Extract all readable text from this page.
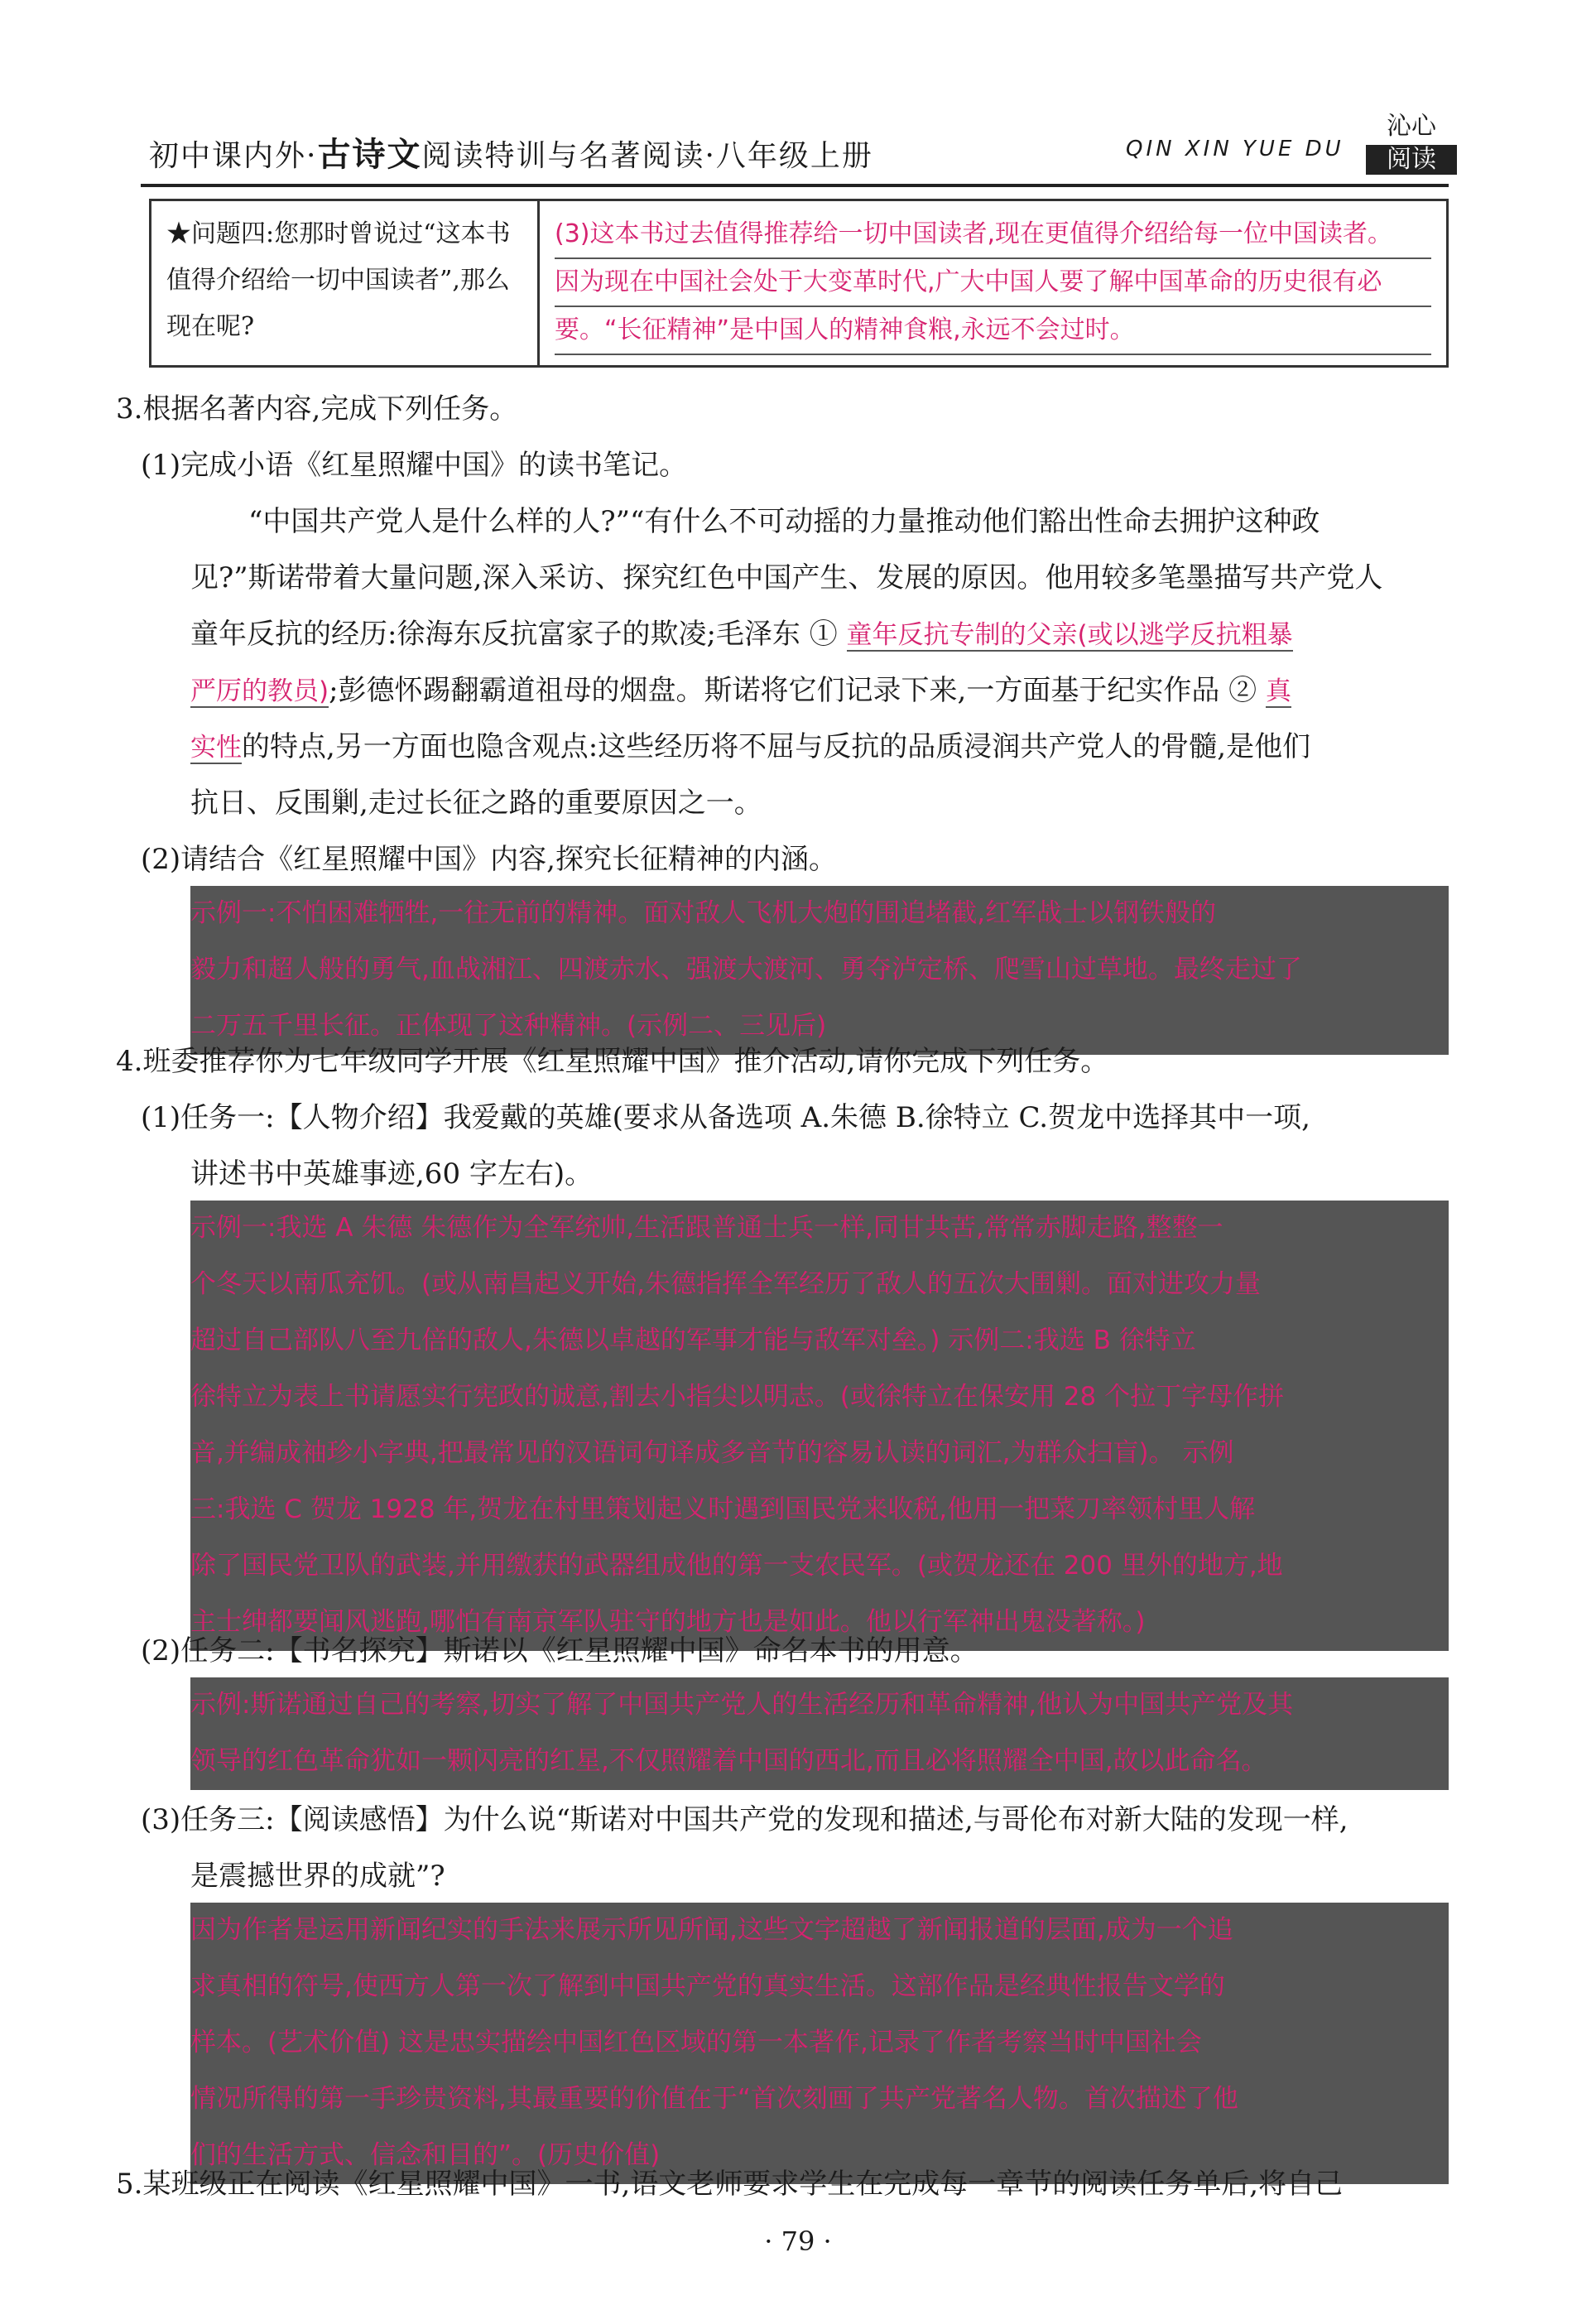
初中课内外·古诗文阅读特训与名著阅读·八年级上册	QIN XIN YUE DU
沁心
阅读
★问题四:您那时曾说过“这本书值得介绍给一切中国读者”,那么现在呢?	
(3)这本书过去值得推荐给一切中国读者,现在更值得介绍给每一位中国读者。
因为现在中国社会处于大变革时代,广大中国人要了解中国革命的历史很有必
要。“长征精神”是中国人的精神食粮,永远不会过时。
3.根据名著内容,完成下列任务。
(1)完成小语《红星照耀中国》的读书笔记。
“中国共产党人是什么样的人?”“有什么不可动摇的力量推动他们豁出性命去拥护这种政
见?”斯诺带着大量问题,深入采访、探究红色中国产生、发展的原因。他用较多笔墨描写共产党人
童年反抗的经历:徐海东反抗富家子的欺凌;毛泽东 ① 童年反抗专制的父亲(或以逃学反抗粗暴
严厉的教员);彭德怀踢翻霸道祖母的烟盘。斯诺将它们记录下来,一方面基于纪实作品 ② 真
实性的特点,另一方面也隐含观点:这些经历将不屈与反抗的品质浸润共产党人的骨髓,是他们
抗日、反围剿,走过长征之路的重要原因之一。
(2)请结合《红星照耀中国》内容,探究长征精神的内涵。
示例一:不怕困难牺牲,一往无前的精神。面对敌人飞机大炮的围追堵截,红军战士以钢铁般的
毅力和超人般的勇气,血战湘江、四渡赤水、强渡大渡河、勇夺泸定桥、爬雪山过草地。最终走过了
二万五千里长征。正体现了这种精神。(示例二、三见后)
4.班委推荐你为七年级同学开展《红星照耀中国》推介活动,请你完成下列任务。
(1)任务一:【人物介绍】我爱戴的英雄(要求从备选项 A.朱德 B.徐特立 C.贺龙中选择其中一项,
讲述书中英雄事迹,60 字左右)。
示例一:我选 A 朱德 朱德作为全军统帅,生活跟普通士兵一样,同甘共苦,常常赤脚走路,整整一
个冬天以南瓜充饥。(或从南昌起义开始,朱德指挥全军经历了敌人的五次大围剿。面对进攻力量
超过自己部队八至九倍的敌人,朱德以卓越的军事才能与敌军对垒。) 示例二:我选 B 徐特立
徐特立为表上书请愿实行宪政的诚意,割去小指尖以明志。(或徐特立在保安用 28 个拉丁字母作拼
音,并编成袖珍小字典,把最常见的汉语词句译成多音节的容易认读的词汇,为群众扫盲)。 示例
三:我选 C 贺龙 1928 年,贺龙在村里策划起义时遇到国民党来收税,他用一把菜刀率领村里人解
除了国民党卫队的武装,并用缴获的武器组成他的第一支农民军。(或贺龙还在 200 里外的地方,地
主士绅都要闻风逃跑,哪怕有南京军队驻守的地方也是如此。他以行军神出鬼没著称。)
(2)任务二:【书名探究】斯诺以《红星照耀中国》命名本书的用意。
示例:斯诺通过自己的考察,切实了解了中国共产党人的生活经历和革命精神,他认为中国共产党及其
领导的红色革命犹如一颗闪亮的红星,不仅照耀着中国的西北,而且必将照耀全中国,故以此命名。
(3)任务三:【阅读感悟】为什么说“斯诺对中国共产党的发现和描述,与哥伦布对新大陆的发现一样,
是震撼世界的成就”?
因为作者是运用新闻纪实的手法来展示所见所闻,这些文字超越了新闻报道的层面,成为一个追
求真相的符号,使西方人第一次了解到中国共产党的真实生活。这部作品是经典性报告文学的
样本。(艺术价值) 这是忠实描绘中国红色区域的第一本著作,记录了作者考察当时中国社会
情况所得的第一手珍贵资料,其最重要的价值在于“首次刻画了共产党著名人物。首次描述了他
们的生活方式、信念和目的”。(历史价值)
5.某班级正在阅读《红星照耀中国》一书,语文老师要求学生在完成每一章节的阅读任务单后,将自己
· 79 ·
